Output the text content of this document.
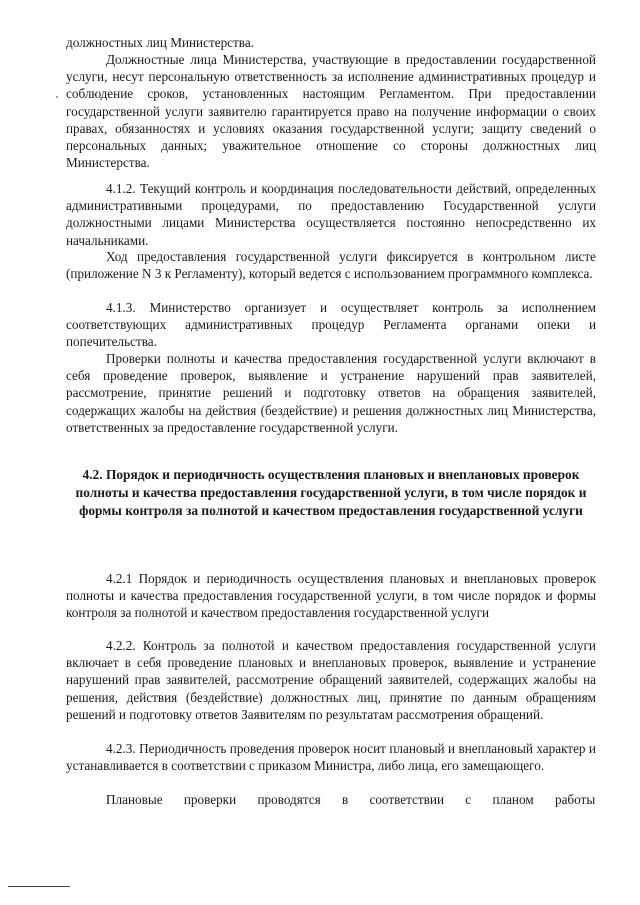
должностных лиц Министерства.

Должностные лица Министерства, участвующие в предоставлении государственной услуги, несут персональную ответственность за исполнение административных процедур и соблюдение сроков, установленных настоящим Регламентом. При предоставлении государственной услуги заявителю гарантируется право на получение информации о своих правах, обязанностях и условиях оказания государственной услуги; защиту сведений о персональных данных; уважительное отношение со стороны должностных лиц Министерства.

4.1.2. Текущий контроль и координация последовательности действий, определенных административными процедурами, по предоставлению Государственной услуги должностными лицами Министерства осуществляется постоянно непосредственно их начальниками.

Ход предоставления государственной услуги фиксируется в контрольном листе (приложение N 3 к Регламенту), который ведется с использованием программного комплекса.

4.1.3. Министерство организует и осуществляет контроль за исполнением соответствующих административных процедур Регламента органами опеки и попечительства.

Проверки полноты и качества предоставления государственной услуги включают в себя проведение проверок, выявление и устранение нарушений прав заявителей, рассмотрение, принятие решений и подготовку ответов на обращения заявителей, содержащих жалобы на действия (бездействие) и решения должностных лиц Министерства, ответственных за предоставление государственной услуги.

4.2. Порядок и периодичность осуществления плановых и внеплановых проверок полноты и качества предоставления государственной услуги, в том числе порядок и формы контроля за полнотой и качеством предоставления государственной услуги

4.2.1 Порядок и периодичность осуществления плановых и внеплановых проверок полноты и качества предоставления государственной услуги, в том числе порядок и формы контроля за полнотой и качеством предоставления государственной услуги

4.2.2. Контроль за полнотой и качеством предоставления государственной услуги включает в себя проведение плановых и внеплановых проверок, выявление и устранение нарушений прав заявителей, рассмотрение обращений заявителей, содержащих жалобы на решения, действия (бездействие) должностных лиц, принятие по данным обращениям решений и подготовку ответов Заявителям по результатам рассмотрения обращений.

4.2.3. Периодичность проведения проверок носит плановый и внеплановый характер и устанавливается в соответствии с приказом Министра, либо лица, его замещающего.

Плановые проверки проводятся в соответствии с планом работы
